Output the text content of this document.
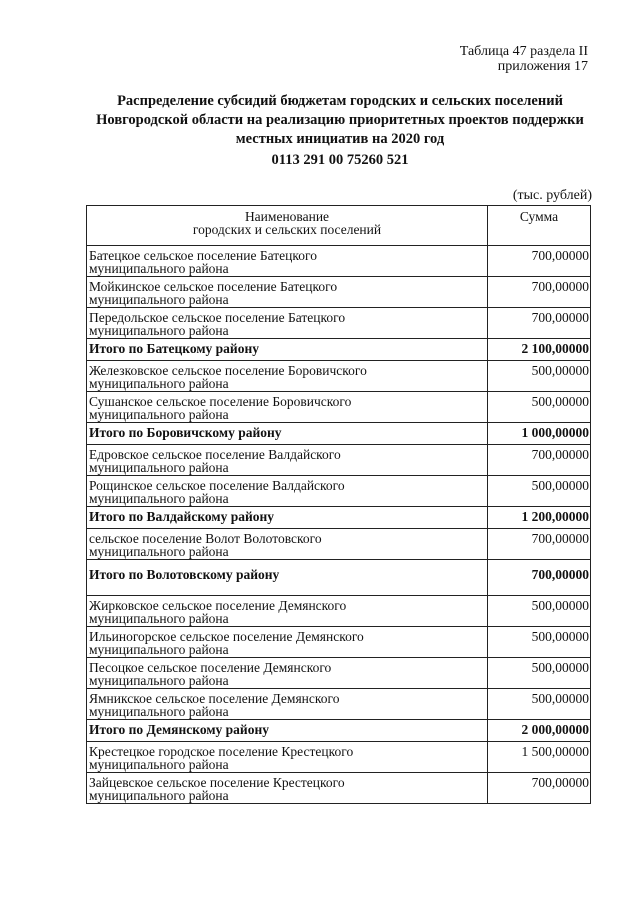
Таблица 47 раздела II
приложения 17
Распределение субсидий бюджетам городских и сельских поселений
Новгородской области на реализацию приоритетных проектов поддержки
местных инициатив на 2020 год
0113 291 00 75260 521
(тыс. рублей)
Наименование
городских и сельских поселений	Сумма

Батецкое сельское поселение Батецкого
муниципального района	700,00000

Мойкинское сельское поселение Батецкого
муниципального района	700,00000

Передольское сельское поселение Батецкого
муниципального района	700,00000

Итого по Батецкому району	2 100,00000

Железковское сельское поселение Боровичского
муниципального района	500,00000

Сушанское сельское поселение Боровичского
муниципального района	500,00000

Итого по Боровичскому району	1 000,00000

Едровское сельское поселение Валдайского
муниципального района	700,00000

Рощинское сельское поселение Валдайского
муниципального района	500,00000

Итого по Валдайскому району	1 200,00000

сельское поселение Волот Волотовского
муниципального района	700,00000

Итого по Волотовскому району	700,00000

Жирковское сельское поселение Демянского
муниципального района	500,00000

Ильиногорское сельское поселение Демянского
муниципального района	500,00000

Песоцкое сельское поселение Демянского
муниципального района	500,00000

Ямникское сельское поселение Демянского
муниципального района	500,00000

Итого по Демянскому району	2 000,00000

Крестецкое городское поселение Крестецкого
муниципального района	1 500,00000

Зайцевское сельское поселение Крестецкого
муниципального района	700,00000
